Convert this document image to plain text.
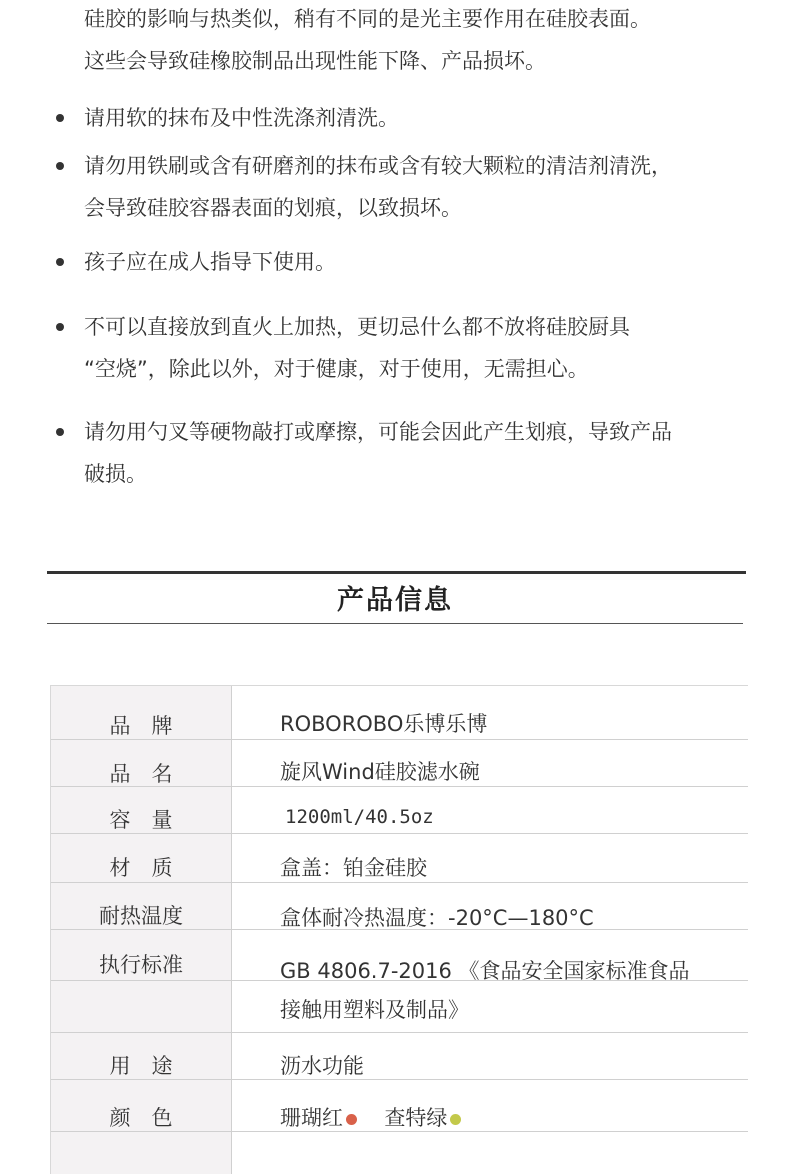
硅胶的影响与热类似，稍有不同的是光主要作用在硅胶表面。
这些会导致硅橡胶制品出现性能下降、产品损坏。
请用软的抹布及中性洗涤剂清洗。
请勿用铁刷或含有研磨剂的抹布或含有较大颗粒的清洁剂清洗，
会导致硅胶容器表面的划痕，以致损坏。
孩子应在成人指导下使用。
不可以直接放到直火上加热，更切忌什么都不放将硅胶厨具
“空烧”，除此以外，对于健康，对于使用，无需担心。
请勿用勺叉等硬物敲打或摩擦，可能会因此产生划痕，导致产品
破损。
产品信息
品　牌	ROBOROBO乐博乐博
品　名	旋风Wind硅胶滤水碗
容　量	1200ml/40.5oz
材　质	盒盖：铂金硅胶
耐热温度	盒体耐冷热温度：-20°C—180°C
执行标准	GB 4806.7-2016 《食品安全国家标准食品
接触用塑料及制品》
用　途	沥水功能
颜　色	珊瑚红 查特绿
